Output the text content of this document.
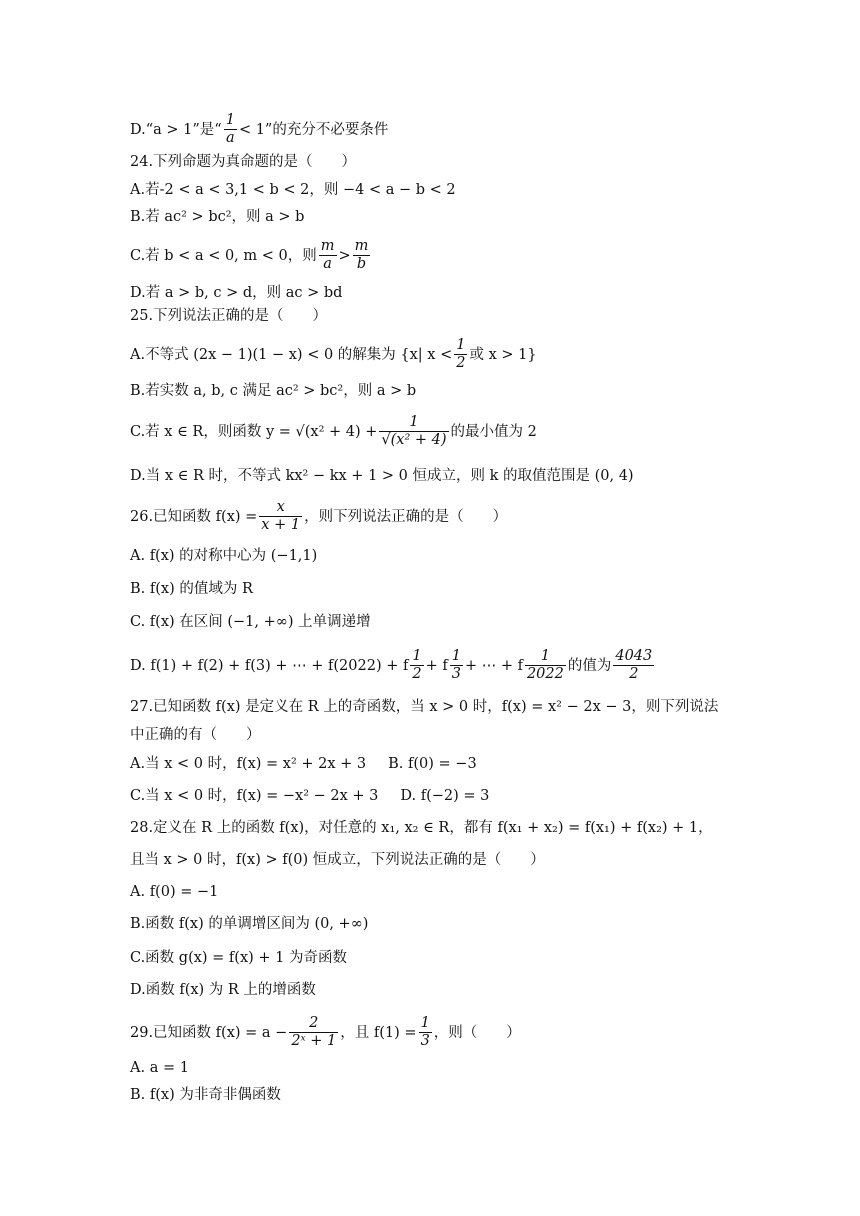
D.“a > 1”是“ $\frac{1}{a} < 1$”的充分不必要条件
24.下列命题为真命题的是（　　）
A.若-2 < a < 3,1 < b < 2，则 −4 < a − b < 2
B.若 ac² > bc²，则 a > b
C.若 b < a < 0, m < 0，则 $\frac{m}{a} > \frac{m}{b}$
D.若 a > b, c > d，则 ac > bd
25.下列说法正确的是（　　）
A.不等式 (2x − 1)(1 − x) < 0 的解集为 {x| $x < \frac{1}{2}$ 或 x > 1}
B.若实数 a, b, c 满足 ac² > bc²，则 a > b
C.若 x ∈ R，则函数 $y = √(x^2 + 4) + \frac{1}{\text{√(x² + 4)}}$ 的最小值为 2
D.当 x ∈ R 时，不等式 kx² − kx + 1 > 0 恒成立，则 k 的取值范围是 (0, 4)
26.已知函数 $f(x) = \frac{x}{x + 1}$ ，则下列说法正确的是（　　）
A. f(x) 的对称中心为 (−1,1)
B. f(x) 的值域为 R
C. f(x) 在区间 (−1, +∞) 上单调递增
D. f(1) + f(2) + f(3) + ⋯ + f(2022) + f $\frac{1}{2} + f \frac{1}{3}$ + ⋯ + f $\frac{1}{2022}$ 的值为 $\frac{4043}{2}$
27.已知函数 f(x) 是定义在 R 上的奇函数，当 x > 0 时，f(x) = x² − 2x − 3，则下列说法
中正确的有（　　）
A.当 x < 0 时，f(x) = x² + 2x + 3 B. f(0) = −3
C.当 x < 0 时，f(x) = −x² − 2x + 3 D. f(−2) = 3
28.定义在 R 上的函数 f(x)，对任意的 x₁, x₂ ∈ R，都有 f(x₁ + x₂) = f(x₁) + f(x₂) + 1，
且当 x > 0 时，f(x) > f(0) 恒成立，下列说法正确的是（　　）
A. f(0) = −1
B.函数 f(x) 的单调增区间为 (0, +∞)
C.函数 g(x) = f(x) + 1 为奇函数
D.函数 f(x) 为 R 上的增函数
29.已知函数 $f(x) = a - \frac{2}{\text{2ˣ + 1}}$ ，且 $f(1) = \frac{1}{3}$ ，则（　　）
A. a = 1
B. f(x) 为非奇非偶函数
